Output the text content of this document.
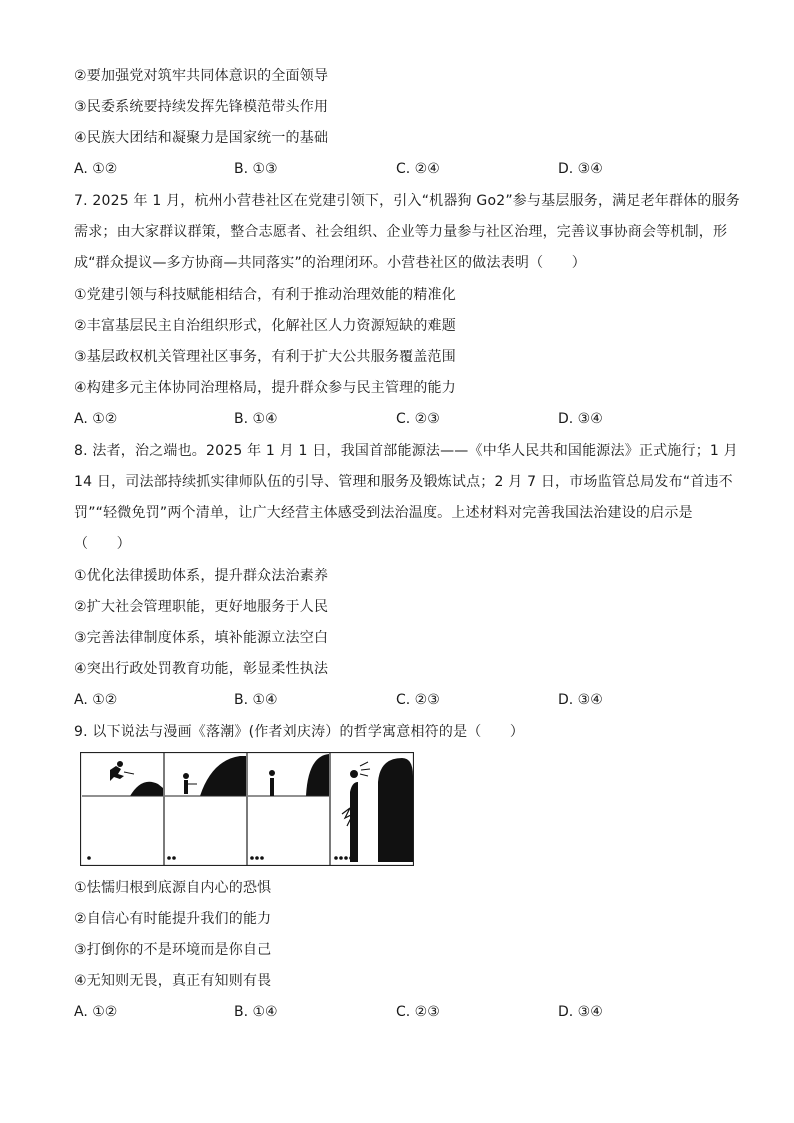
②要加强党对筑牢共同体意识的全面领导
③民委系统要持续发挥先锋模范带头作用
④民族大团结和凝聚力是国家统一的基础
A. ①②	B. ①③	C. ②④	D. ③④
7. 2025 年 1 月，杭州小营巷社区在党建引领下，引入“机器狗 Go2”参与基层服务，满足老年群体的服务
需求；由大家群议群策，整合志愿者、社会组织、企业等力量参与社区治理，完善议事协商会等机制，形
成“群众提议—多方协商—共同落实”的治理闭环。小营巷社区的做法表明（　　）
①党建引领与科技赋能相结合，有利于推动治理效能的精准化
②丰富基层民主自治组织形式，化解社区人力资源短缺的难题
③基层政权机关管理社区事务，有利于扩大公共服务覆盖范围
④构建多元主体协同治理格局，提升群众参与民主管理的能力
A. ①②	B. ①④	C. ②③	D. ③④
8. 法者，治之端也。2025 年 1 月 1 日，我国首部能源法——《中华人民共和国能源法》正式施行；1 月
14 日，司法部持续抓实律师队伍的引导、管理和服务及锻炼试点；2 月 7 日，市场监管总局发布“首违不
罚”“轻微免罚”两个清单，让广大经营主体感受到法治温度。上述材料对完善我国法治建设的启示是
（　　）
①优化法律援助体系，提升群众法治素养
②扩大社会管理职能，更好地服务于人民
③完善法律制度体系，填补能源立法空白
④突出行政处罚教育功能，彰显柔性执法
A. ①②	B. ①④	C. ②③	D. ③④
9. 以下说法与漫画《落潮》(作者刘庆涛）的哲学寓意相符的是（　　）
①怯懦归根到底源自内心的恐惧
②自信心有时能提升我们的能力
③打倒你的不是环境而是你自己
④无知则无畏，真正有知则有畏
A. ①②	B. ①④	C. ②③	D. ③④
